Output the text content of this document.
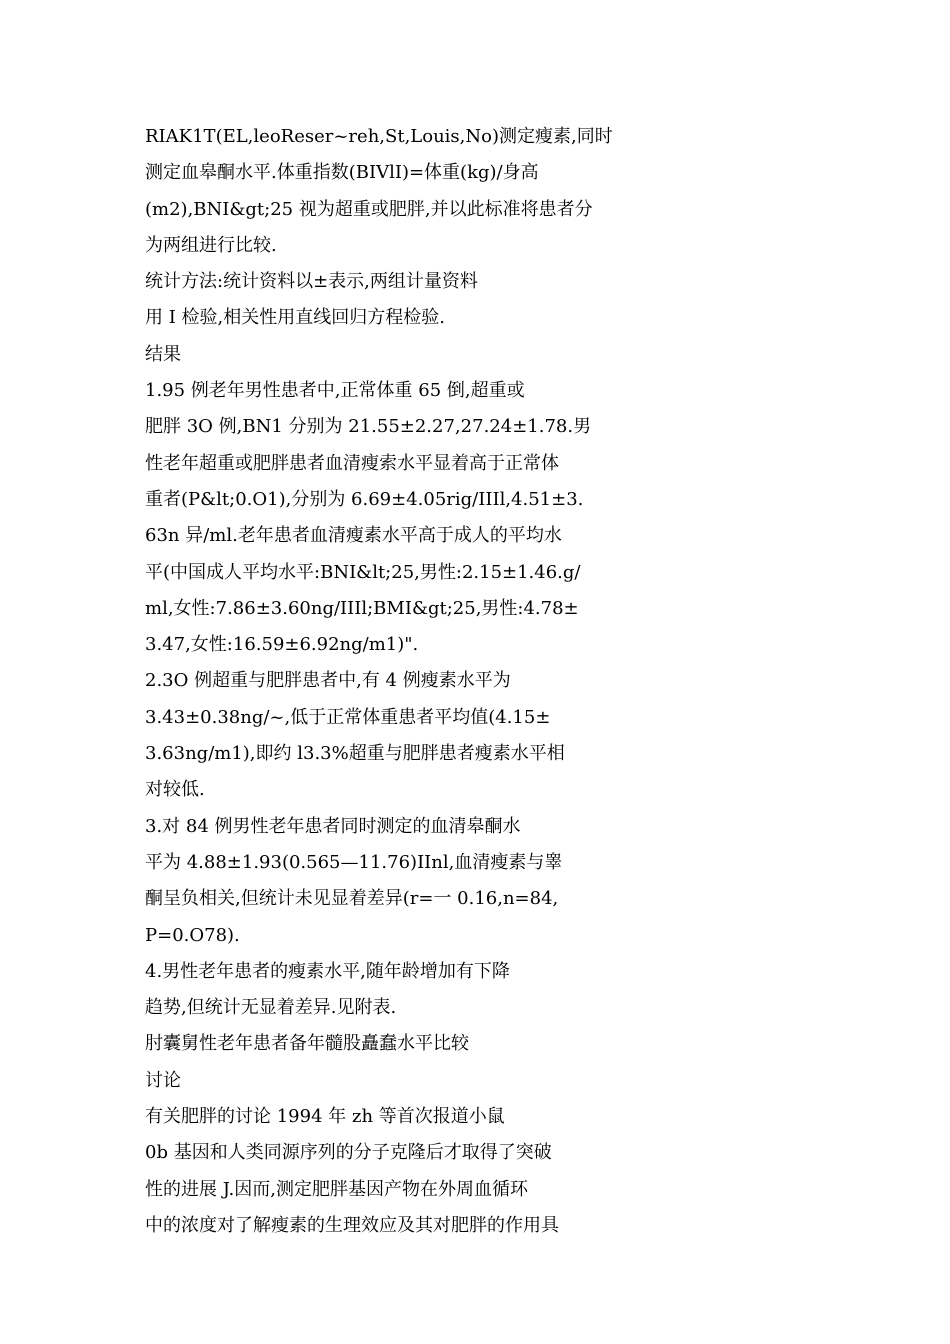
RIAK1T(EL,leoReser~reh,St,Louis,No)测定瘦素,同时
测定血皋酮水平.体重指数(BIVlI)=体重(kg)/身高
(m2),BNI&gt;25 视为超重或肥胖,并以此标准将患者分
为两组进行比较.
统计方法:统计资料以±表示,两组计量资料
用 I 检验,相关性用直线回归方程检验.
结果
1.95 例老年男性患者中,正常体重 65 倒,超重或
肥胖 3O 例,BN1 分别为 21.55±2.27,27.24±1.78.男
性老年超重或肥胖患者血清瘦索水平显着高于正常体
重者(P&lt;0.O1),分别为 6.69±4.05rig/IIIl,4.51±3.
63n 异/ml.老年患者血清瘦素水平高于成人的平均水
平(中国成人平均水平:BNI&lt;25,男性:2.15±1.46.g/
ml,女性:7.86±3.60ng/IIIl;BMI&gt;25,男性:4.78±
3.47,女性:16.59±6.92ng/m1)".
2.3O 例超重与肥胖患者中,有 4 例瘦素水平为
3.43±0.38ng/~,低于正常体重患者平均值(4.15±
3.63ng/m1),即约 l3.3%超重与肥胖患者瘦素水平相
对较低.
3.对 84 例男性老年患者同时测定的血清皋酮水
平为 4.88±1.93(0.565—11.76)IInl,血清瘦素与睾
酮呈负相关,但统计未见显着差异(r=一 0.16,n=84,
P=0.O78).
4.男性老年患者的瘦素水平,随年龄增加有下降
趋势,但统计无显着差异.见附表.
肘囊舅性老年患者备年髓股矗蠢水平比较
讨论
有关肥胖的讨论 1994 年 zh 等首次报道小鼠
0b 基因和人类同源序列的分子克隆后才取得了突破
性的进展 J.因而,测定肥胖基因产物在外周血循环
中的浓度对了解瘦素的生理效应及其对肥胖的作用具
